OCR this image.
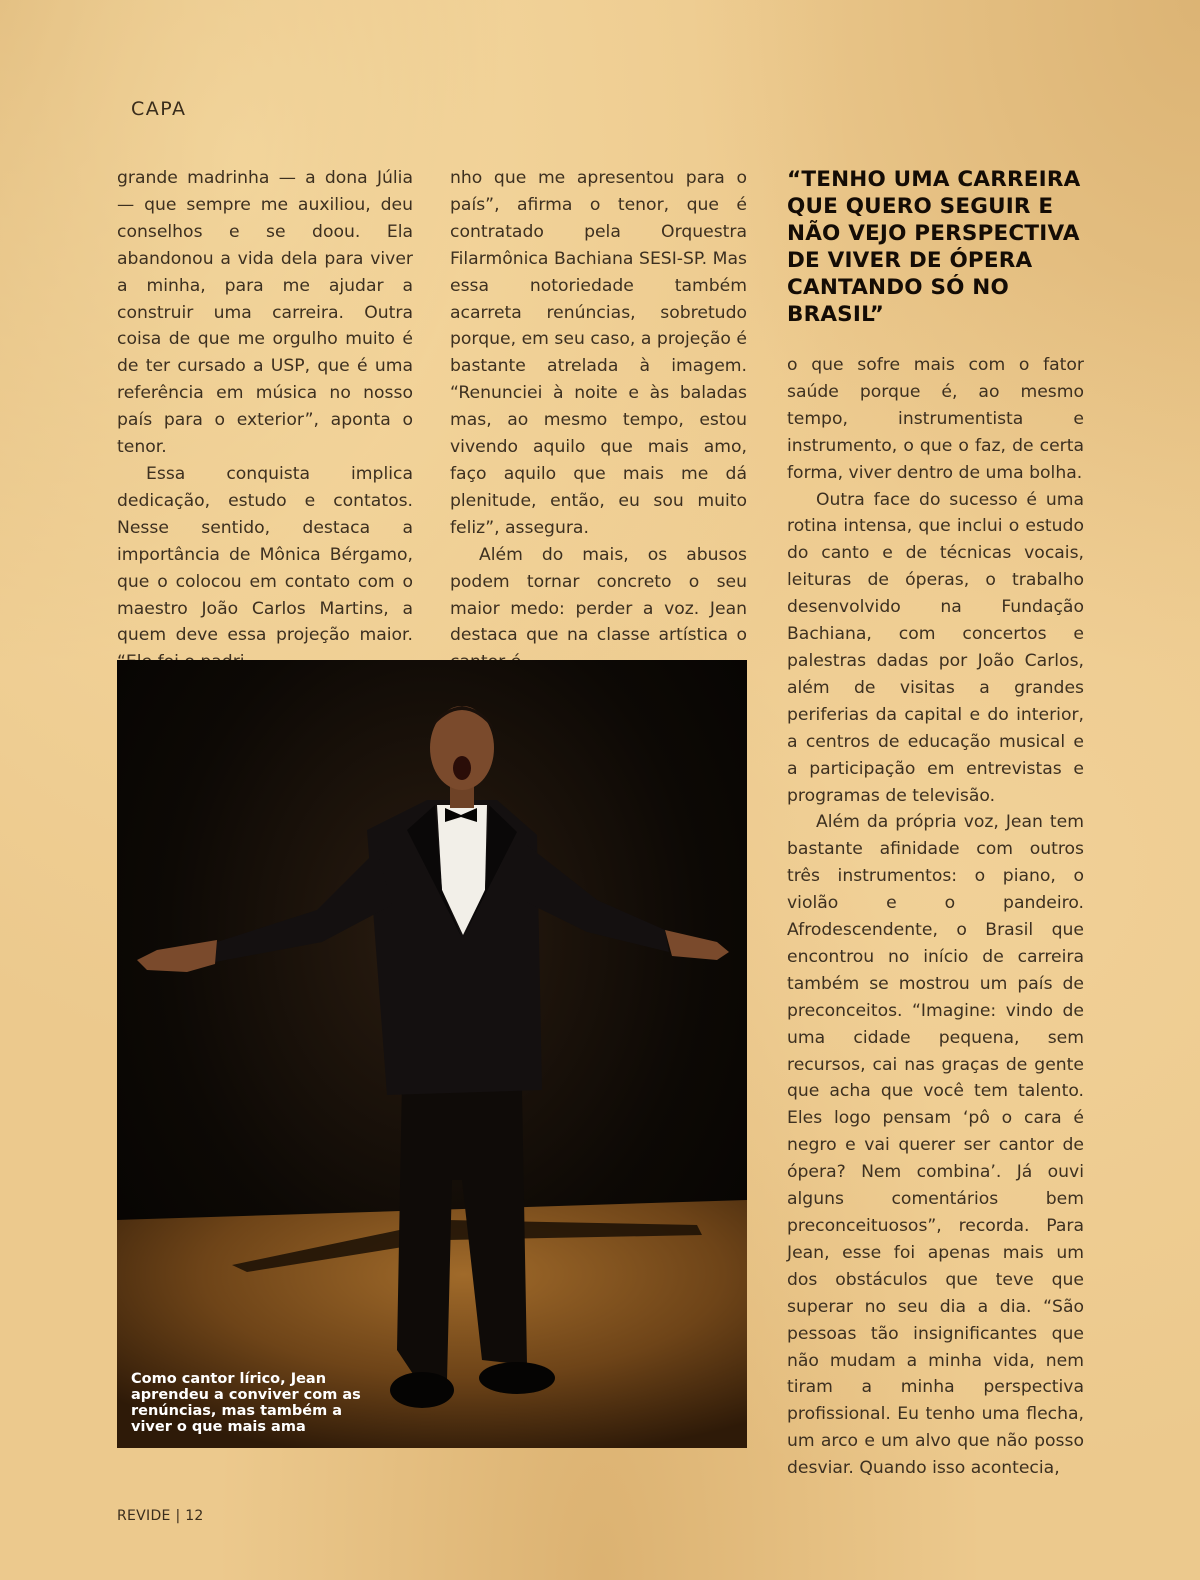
CAPA

grande madrinha — a dona Júlia — que sempre me auxiliou, deu conselhos e se doou. Ela abandonou a vida dela para viver a minha, para me ajudar a construir uma carreira. Outra coisa de que me orgulho muito é de ter cursado a USP, que é uma referência em música no nosso país para o exterior”, aponta o tenor.

Essa conquista implica dedicação, estudo e contatos. Nesse sentido, destaca a importância de Mônica Bérgamo, que o colocou em contato com o maestro João Carlos Martins, a quem deve essa projeção maior.

nho que me apresentou para o país”, afirma o tenor, que é contratado pela Orquestra Filarmônica Bachiana SESI-SP. Mas essa notoriedade também acarreta renúncias, sobretudo porque, em seu caso, a projeção é bastante atrelada à imagem. “Renunciei à noite e às baladas mas, ao mesmo tempo, estou vivendo aquilo que mais amo, faço aquilo que mais me dá plenitude, então, eu sou muito feliz”, assegura.

Além do mais, os abusos podem tornar concreto o seu maior medo: perder a voz. Jean destaca que na classe artística o

“TENHO UMA CARREIRA QUE QUERO SEGUIR E NÃO VEJO PERSPECTIVA DE VIVER DE ÓPERA CANTANDO SÓ NO BRASIL”

o que sofre mais com o fator saúde porque é, ao mesmo tempo, instrumentista e instrumento, o que o faz, de certa forma, viver dentro de uma bolha.

Outra face do sucesso é uma rotina intensa, que inclui o estudo do canto e de técnicas vocais, leituras de óperas, o trabalho desenvolvido na Fundação Bachiana, com concertos e palestras dadas por João Carlos, além de visitas a grandes periferias da capital e do interior, a centros de educação musical e a participação em entrevistas e programas de televisão.

Além da própria voz, Jean tem bastante afinidade com outros três instrumentos: o piano, o violão e o pandeiro. Afrodescendente, o Brasil que encontrou no início de carreira também se mostrou um país de preconceitos. “Imagine: vindo de uma cidade pequena, sem recursos, cai nas graças de gente que acha que você tem talento. Eles logo pensam ‘pô o cara é negro e vai querer ser cantor de ópera? Nem combina’. Já ouvi alguns comentários bem preconceituosos”, recorda. Para Jean, esse foi apenas mais um dos obstáculos que teve que superar no seu dia a dia. “São pessoas tão insignificantes que não mudam a minha vida, nem tiram a minha perspectiva profissional. Eu tenho uma flecha, um arco e um alvo que não posso desviar. Quando isso acontecia,

Como cantor lírico, Jean aprendeu a conviver com as renúncias, mas também a viver o que mais ama
REVIDE | 12
